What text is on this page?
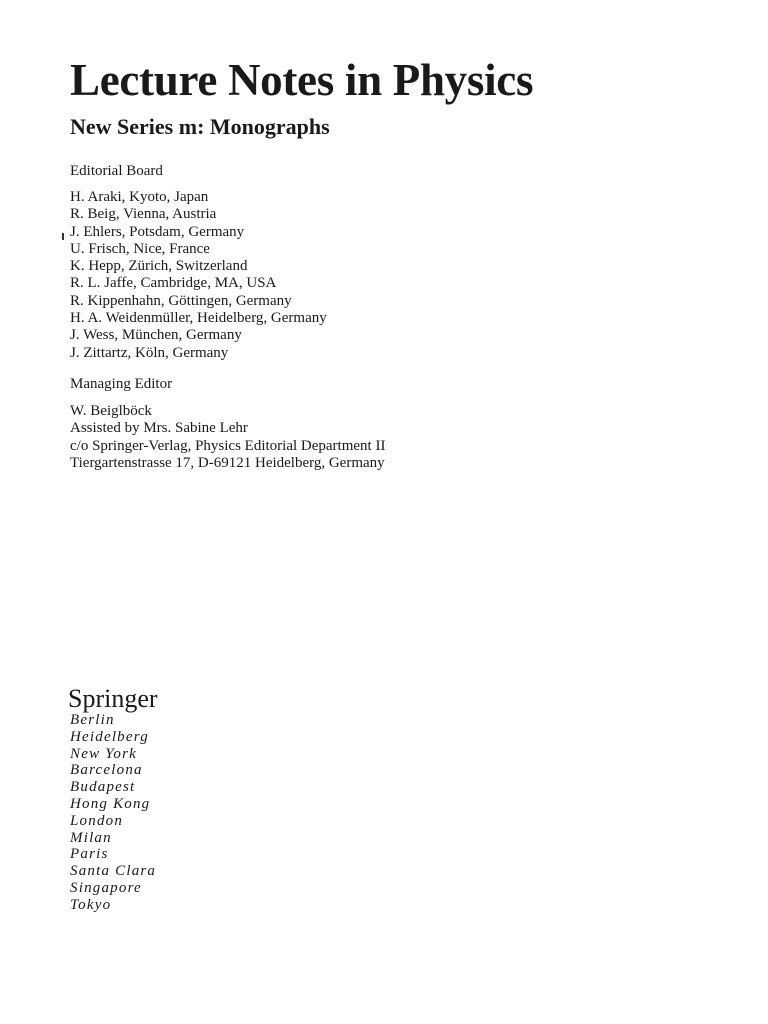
Lecture Notes in Physics
New Series m: Monographs
Editorial Board
H. Araki, Kyoto, Japan
R. Beig, Vienna, Austria
J. Ehlers, Potsdam, Germany
U. Frisch, Nice, France
K. Hepp, Zürich, Switzerland
R. L. Jaffe, Cambridge, MA, USA
R. Kippenhahn, Göttingen, Germany
H. A. Weidenmüller, Heidelberg, Germany
J. Wess, München, Germany
J. Zittartz, Köln, Germany
Managing Editor
W. Beiglböck
Assisted by Mrs. Sabine Lehr
c/o Springer-Verlag, Physics Editorial Department II
Tiergartenstrasse 17, D-69121 Heidelberg, Germany
Springer
Berlin
Heidelberg
New York
Barcelona
Budapest
Hong Kong
London
Milan
Paris
Santa Clara
Singapore
Tokyo
